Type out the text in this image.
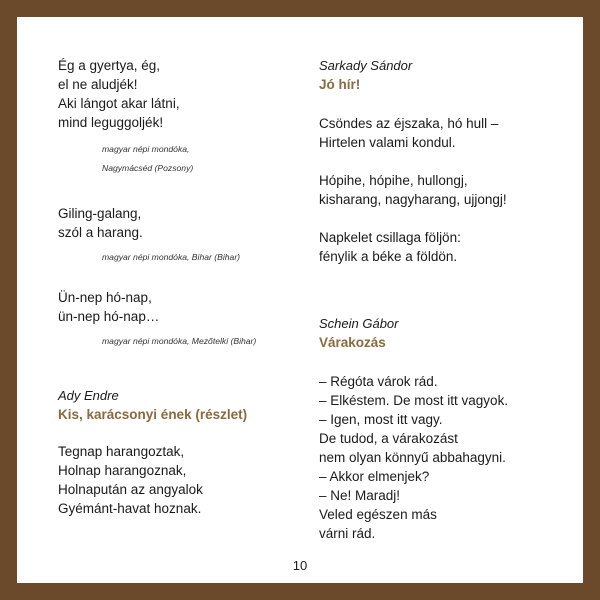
Ég a gyertya, ég,
el ne aludjék!
Aki lángot akar látni,
mind leguggoljék!
magyar népi mondóka,
Nagymácséd (Pozsony)
Giling-galang,
szól a harang.
magyar népi mondóka, Bihar (Bihar)
Ün-nep hó-nap,
ün-nep hó-nap…
magyar népi mondóka, Mezőtelki (Bihar)
Ady Endre
Kis, karácsonyi ének (részlet)
Tegnap harangoztak,
Holnap harangoznak,
Holnapután az angyalok
Gyémánt-havat hoznak.
Sarkady Sándor
Jó hír!
Csöndes az éjszaka, hó hull –
Hirtelen valami kondul.
Hópihe, hópihe, hullongj,
kisharang, nagyharang, ujjongj!
Napkelet csillaga följön:
fénylik a béke a földön.
Schein Gábor
Várakozás
– Régóta várok rád.
– Elkéstem. De most itt vagyok.
– Igen, most itt vagy.
De tudod, a várakozást
nem olyan könnyű abbahagyni.
– Akkor elmenjek?
– Ne! Maradj!
Veled egészen más
várni rád.
10
